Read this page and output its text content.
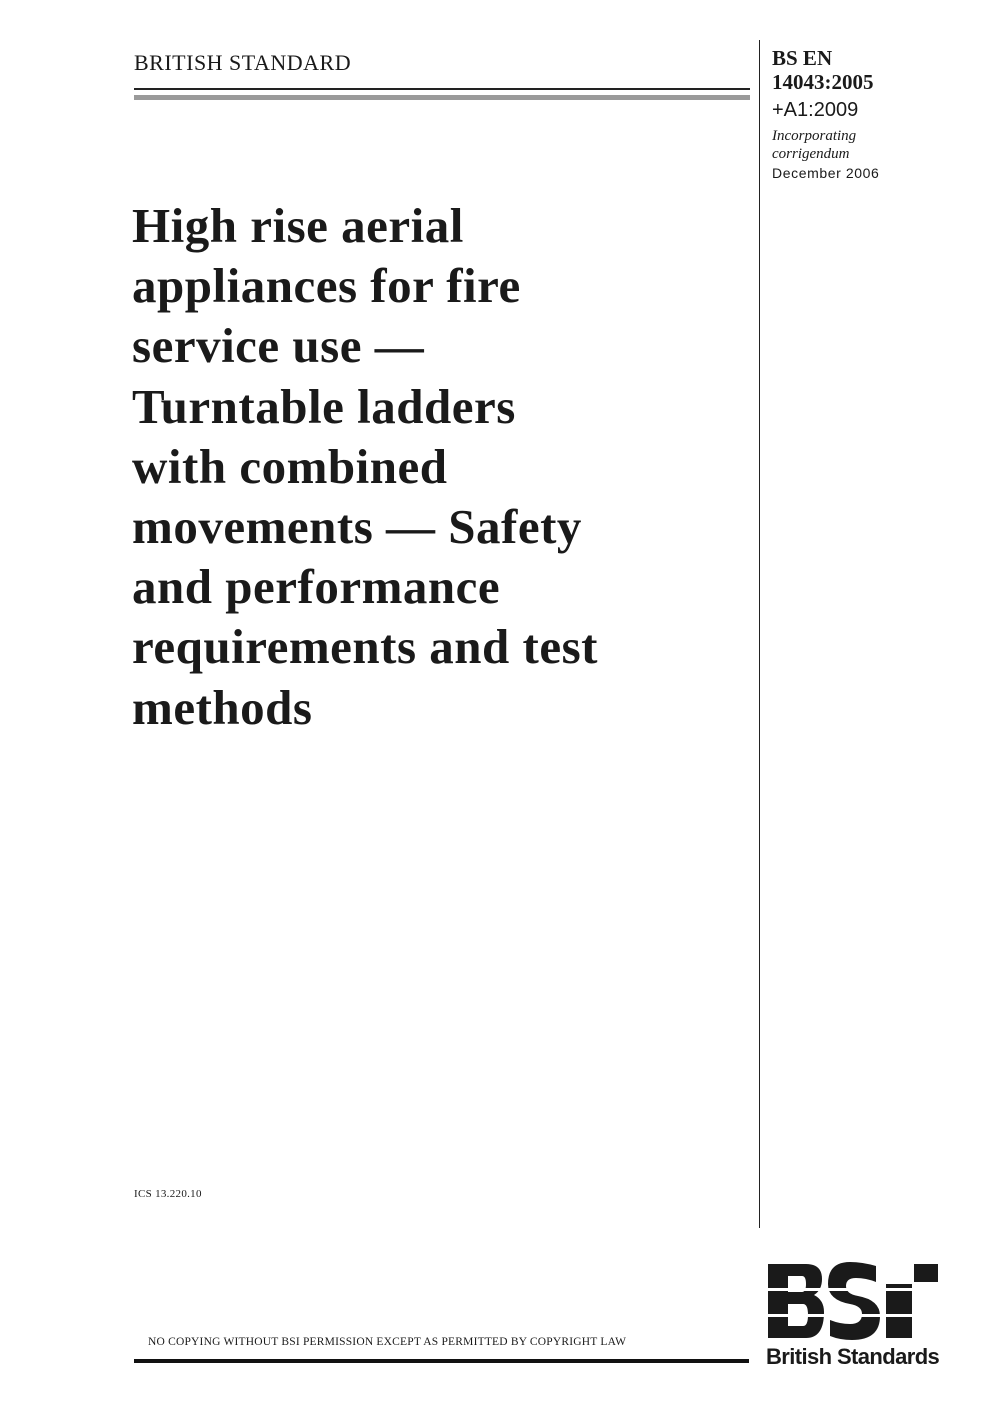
BRITISH STANDARD	BS EN
14043:2005
+A1:2009
Incorporating
corrigendum
December 2006
High rise aerial
appliances for fire
service use —
Turntable ladders
with combined
movements — Safety
and performance
requirements and test
methods
ICS 13.220.10
NO COPYING WITHOUT BSI PERMISSION EXCEPT AS PERMITTED BY COPYRIGHT LAW
British Standards
